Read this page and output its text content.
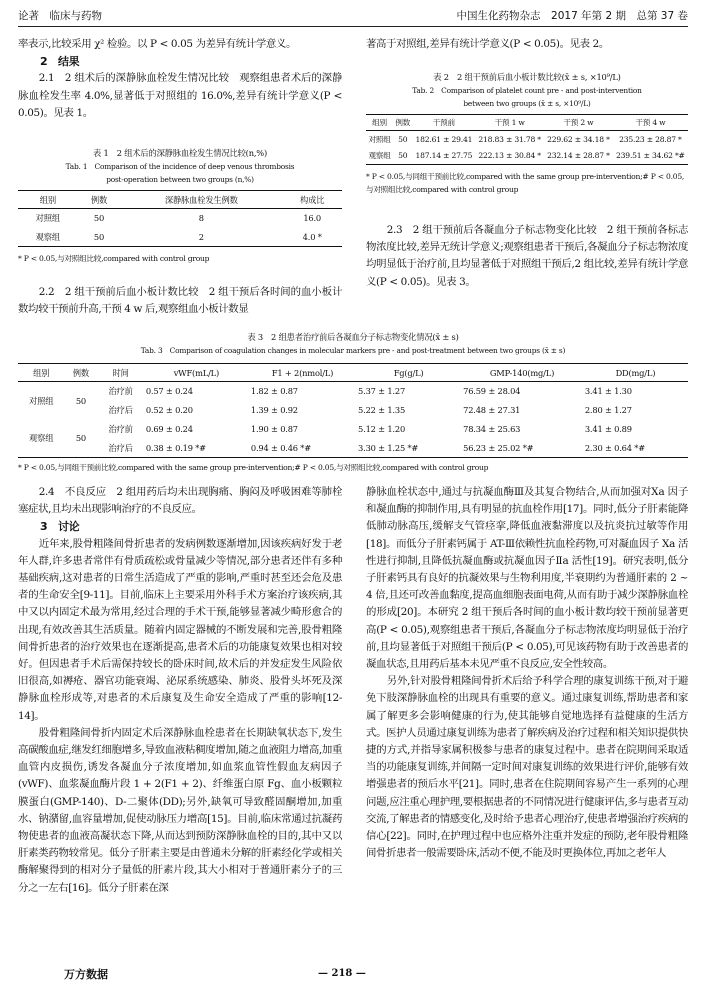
论著　临床与药物	中国生化药物杂志　2017 年第 2 期　总第 37 卷

率表示,比较采用 χ² 检验。以 P < 0.05 为差异有统计学意义。

2　结果

2.1　2 组术后的深静脉血栓发生情况比较　观察组患者术后的深静脉血栓发生率 4.0%,显著低于对照组的 16.0%,差异有统计学意义(P < 0.05)。见表 1。

表 1　2 组术后的深静脉血栓发生情况比较(n,%)
Tab. 1　Comparison of the incidence of deep venous thrombosis
post-operation between two groups (n,%)
组别	例数	深静脉血栓发生例数	构成比
对照组	50	8	16.0
观察组	50	2	4.0 *
* P < 0.05,与对照组比较,compared with control group

2.2　2 组干预前后血小板计数比较　2 组干预后各时间的血小板计数均较干预前升高,干预 4 w 后,观察组血小板计数显

著高于对照组,差异有统计学意义(P < 0.05)。见表 2。

表 2　2 组干预前后血小板计数比较(x̄ ± s, ×10⁹/L)
Tab. 2　Comparison of platelet count pre - and post-intervention
between two groups (x̄ ± s, ×10⁹/L)
组别	例数	干预前	干预 1 w	干预 2 w	干预 4 w
对照组	50	182.61 ± 29.41	218.83 ± 31.78 *	229.62 ± 34.18 *	235.23 ± 28.87 *
观察组	50	187.14 ± 27.75	222.13 ± 30.84 *	232.14 ± 28.87 *	239.51 ± 34.62 *#
* P < 0.05,与同组干预前比较,compared with the same group pre-intervention;# P < 0.05,与对照组比较,compared with control group

2.3　2 组干预前后各凝血分子标志物变化比较　2 组干预前各标志物浓度比较,差异无统计学意义;观察组患者干预后,各凝血分子标志物浓度均明显低于治疗前,且均显著低于对照组干预后,2 组比较,差异有统计学意义(P < 0.05)。见表 3。

表 3　2 组患者治疗前后各凝血分子标志物变化情况(x̄ ± s)
Tab. 3　Comparison of coagulation changes in molecular markers pre - and post-treatment between two groups (x̄ ± s)
组别	例数	时间	vWF(mL/L)	F1 + 2(nmol/L)	Fg(g/L)	GMP-140(mg/L)	DD(mg/L)
对照组	50	治疗前	0.57 ± 0.24	1.82 ± 0.87	5.37 ± 1.27	76.59 ± 28.04	3.41 ± 1.30
		治疗后	0.52 ± 0.20	1.39 ± 0.92	5.22 ± 1.35	72.48 ± 27.31	2.80 ± 1.27
观察组	50	治疗前	0.69 ± 0.24	1.90 ± 0.87	5.12 ± 1.20	78.34 ± 25.63	3.41 ± 0.89
		治疗后	0.38 ± 0.19 *#	0.94 ± 0.46 *#	3.30 ± 1.25 *#	56.23 ± 25.02 *#	2.30 ± 0.64 *#
* P < 0.05,与同组干预前比较,compared with the same group pre-intervention;# P < 0.05,与对照组比较,compared with control group

2.4　不良反应　2 组用药后均未出现胸痛、胸闷及呼吸困难等肺栓塞症状,且均未出现影响治疗的不良反应。

3　讨论

近年来,股骨粗隆间骨折患者的发病例数逐渐增加,因该疾病好发于老年人群,许多患者常伴有骨质疏松或骨量减少等情况,部分患者还伴有多种基础疾病,这对患者的日常生活造成了严重的影响,严重时甚至还会危及患者的生命安全[9-11]。目前,临床上主要采用外科手术方案治疗该疾病,其中又以内固定术最为常用,经过合理的手术干预,能够显著减少畸形愈合的出现,有效改善其生活质量。随着内固定器械的不断发展和完善,股骨粗隆间骨折患者的治疗效果也在逐渐提高,患者术后的功能康复效果也相对较好。但因患者手术后需保持较长的卧床时间,故术后的并发症发生风险依旧很高,如褥疮、器官功能衰竭、泌尿系统感染、肺炎、股骨头坏死及深静脉血栓形成等,对患者的术后康复及生命安全造成了严重的影响[12-14]。

股骨粗隆间骨折内固定术后深静脉血栓患者在长期缺氧状态下,发生高碳酸血症,继发红细胞增多,导致血液粘稠度增加,随之血液阻力增高,加重血管内皮损伤,诱发各凝血分子浓度增加,如血浆血管性假血友病因子(vWF)、血浆凝血酶片段 1 + 2(F1 + 2)、纤维蛋白原 Fg、血小板颗粒膜蛋白(GMP-140)、D-二聚体(DD);另外,缺氧可导致醛固酮增加,加重水、钠潴留,血容量增加,促使动脉压力增高[15]。目前,临床常通过抗凝药物使患者的血液高凝状态下降,从而达到预防深静脉血栓的目的,其中又以肝素类药物较常见。低分子肝素主要是由普通未分解的肝素经化学或相关酶解聚得到的相对分子量低的肝素片段,其大小相对于普通肝素分子的三分之一左右[16]。低分子肝素在深

静脉血栓状态中,通过与抗凝血酶Ⅲ及其复合物结合,从而加强对Ⅹa 因子和凝血酶的抑制作用,具有明显的抗血栓作用[17]。同时,低分子肝素能降低肺动脉高压,缓解支气管痉挛,降低血液黏滞度以及抗炎抗过敏等作用[18]。而低分子肝素钙属于 AT-Ⅲ依赖性抗血栓药物,可对凝血因子 Xa 活性进行抑制,且降低抗凝血酶或抗凝血因子Ⅱa 活性[19]。研究表明,低分子肝素钙具有良好的抗凝效果与生物利用度,半衰期约为普通肝素的 2 ~ 4 倍,且还可改善血黏度,提高血细胞表面电荷,从而有助于减少深静脉血栓的形成[20]。本研究 2 组干预后各时间的血小板计数均较干预前显著更高(P < 0.05),观察组患者干预后,各凝血分子标志物浓度均明显低于治疗前,且均显著低于对照组干预后(P < 0.05),可见该药物有助于改善患者的凝血状态,且用药后基本未见严重不良反应,安全性较高。

另外,针对股骨粗隆间骨折术后给予科学合理的康复训练干预,对于避免下肢深静脉血栓的出现具有重要的意义。通过康复训练,帮助患者和家属了解更多会影响健康的行为,使其能够自觉地选择有益健康的生活方式。医护人员通过康复训练为患者了解疾病及治疗过程和相关知识提供快捷的方式,并指导家属积极参与患者的康复过程中。患者在院期间采取适当的功能康复训练,并间隔一定时间对康复训练的效果进行评价,能够有效增强患者的预后水平[21]。同时,患者在住院期间容易产生一系列的心理问题,应注重心理护理,要根据患者的不同情况进行健康评估,多与患者互动交流,了解患者的情感变化,及时给予患者心理治疗,使患者增强治疗疾病的信心[22]。同时,在护理过程中也应格外注重并发症的预防,老年股骨粗隆间骨折患者一般需要卧床,活动不便,不能及时更换体位,再加之老年人

万方数据	— 218 —
